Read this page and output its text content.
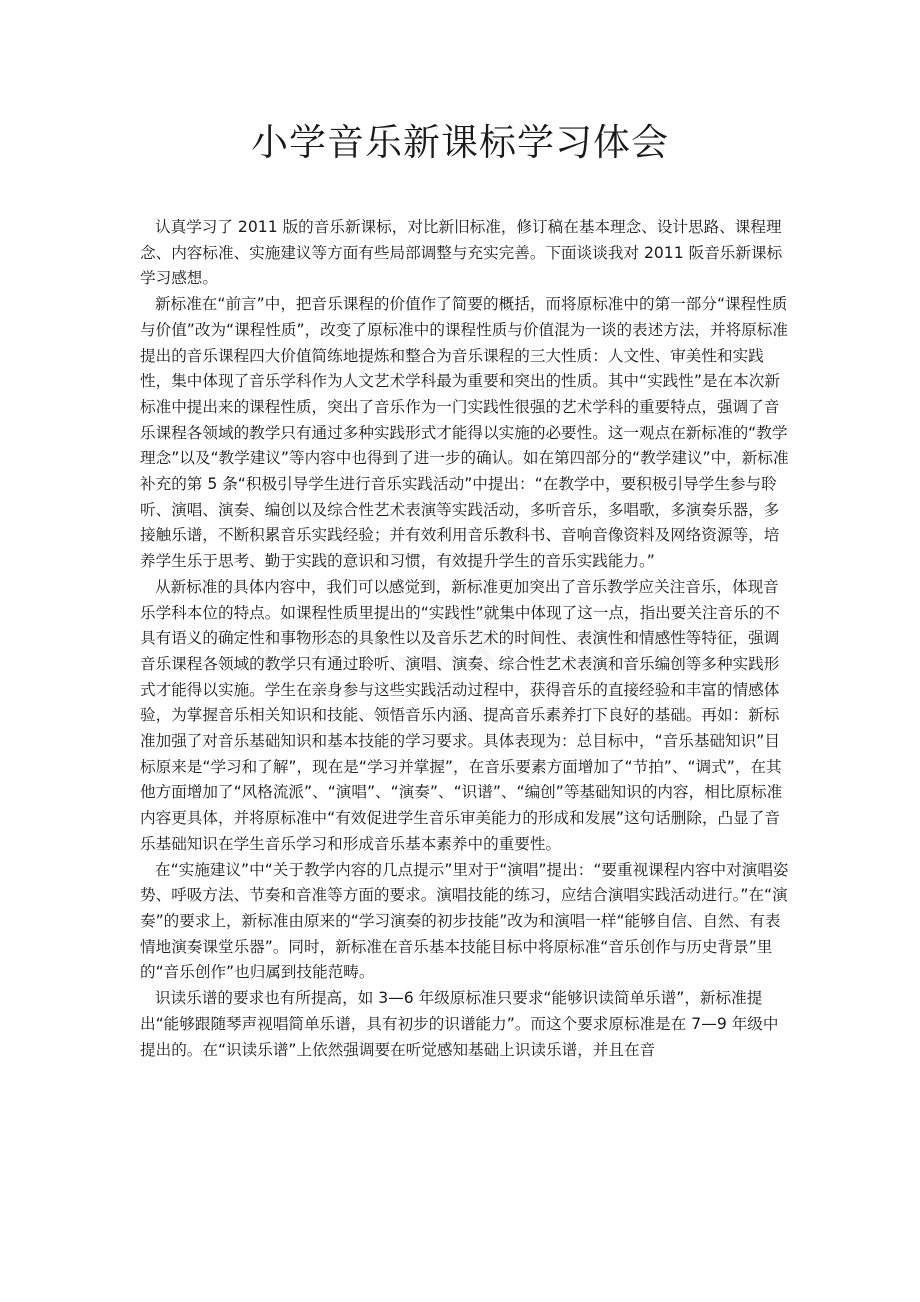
小学音乐新课标学习体会

认真学习了 2011 版的音乐新课标，对比新旧标准，修订稿在基本理念、设计思路、课程理念、内容标准、实施建议等方面有些局部调整与充实完善。下面谈谈我对 2011 阪音乐新课标学习感想。

新标准在“前言”中，把音乐课程的价值作了简要的概括，而将原标准中的第一部分“课程性质与价值”改为“课程性质”，改变了原标准中的课程性质与价值混为一谈的表述方法，并将原标准提出的音乐课程四大价值简练地提炼和整合为音乐课程的三大性质：人文性、审美性和实践性，集中体现了音乐学科作为人文艺术学科最为重要和突出的性质。其中“实践性”是在本次新标准中提出来的课程性质，突出了音乐作为一门实践性很强的艺术学科的重要特点，强调了音乐课程各领域的教学只有通过多种实践形式才能得以实施的必要性。这一观点在新标准的“教学理念”以及“教学建议”等内容中也得到了进一步的确认。如在第四部分的“教学建议”中，新标准补充的第 5 条“积极引导学生进行音乐实践活动”中提出：“在教学中，要积极引导学生参与聆听、演唱、演奏、编创以及综合性艺术表演等实践活动，多听音乐，多唱歌，多演奏乐器，多接触乐谱，不断积累音乐实践经验；并有效利用音乐教科书、音响音像资料及网络资源等，培养学生乐于思考、勤于实践的意识和习惯，有效提升学生的音乐实践能力。”

从新标准的具体内容中，我们可以感觉到，新标准更加突出了音乐教学应关注音乐，体现音乐学科本位的特点。如课程性质里提出的“实践性”就集中体现了这一点，指出要关注音乐的不具有语义的确定性和事物形态的具象性以及音乐艺术的时间性、表演性和情感性等特征，强调音乐课程各领域的教学只有通过聆听、演唱、演奏、综合性艺术表演和音乐编创等多种实践形式才能得以实施。学生在亲身参与这些实践活动过程中，获得音乐的直接经验和丰富的情感体验，为掌握音乐相关知识和技能、领悟音乐内涵、提高音乐素养打下良好的基础。再如：新标准加强了对音乐基础知识和基本技能的学习要求。具体表现为：总目标中，“音乐基础知识”目标原来是“学习和了解”，现在是“学习并掌握”，在音乐要素方面增加了“节拍”、“调式”，在其他方面增加了“风格流派”、“演唱”、“演奏”、“识谱”、“编创”等基础知识的内容，相比原标准内容更具体，并将原标准中“有效促进学生音乐审美能力的形成和发展”这句话删除，凸显了音乐基础知识在学生音乐学习和形成音乐基本素养中的重要性。

在“实施建议”中“关于教学内容的几点提示”里对于“演唱”提出：“要重视课程内容中对演唱姿势、呼吸方法、节奏和音准等方面的要求。演唱技能的练习，应结合演唱实践活动进行。”在“演奏”的要求上，新标准由原来的“学习演奏的初步技能”改为和演唱一样“能够自信、自然、有表情地演奏课堂乐器”。同时，新标准在音乐基本技能目标中将原标准“音乐创作与历史背景”里的“音乐创作”也归属到技能范畴。

识读乐谱的要求也有所提高，如 3—6 年级原标准只要求“能够识读简单乐谱”，新标准提出“能够跟随琴声视唱简单乐谱，具有初步的识谱能力”。而这个要求原标准是在 7—9 年级中提出的。在“识读乐谱”上依然强调要在听觉感知基础上识读乐谱，并且在音
